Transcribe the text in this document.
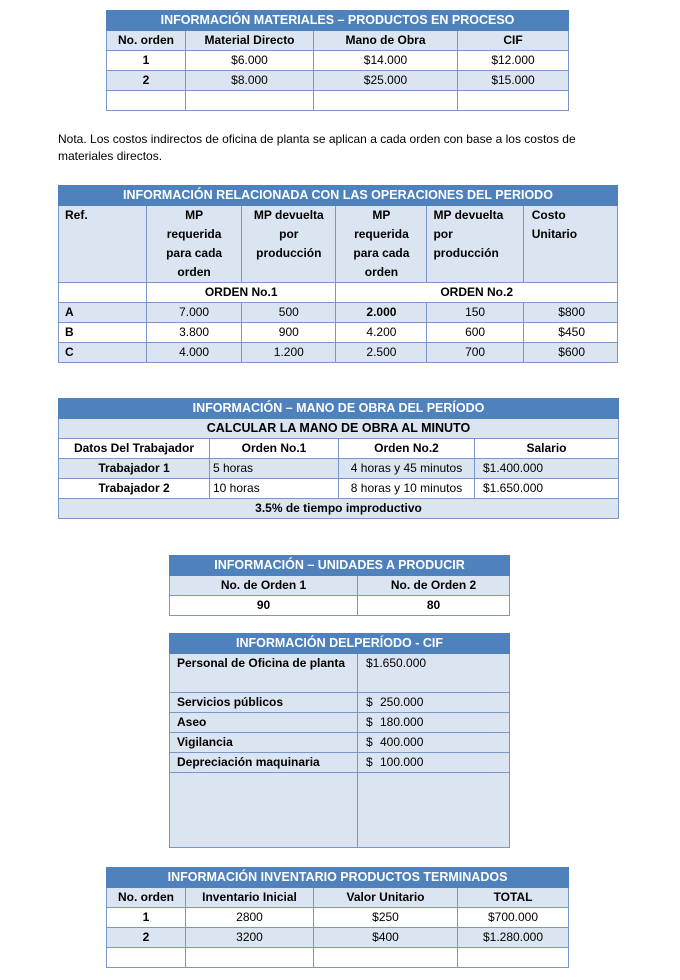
INFORMACIÓN MATERIALES – PRODUCTOS EN PROCESO			
No. orden	Material Directo	Mano de Obra	CIF
1	$6.000	$14.000	$12.000
2	$8.000	$25.000	$15.000

Nota. Los costos indirectos de oficina de planta se aplican a cada orden con base a los costos de materiales directos.

INFORMACIÓN RELACIONADA CON LAS OPERACIONES DEL PERIODO					
Ref.	MP requerida para cada orden	MP devuelta por producción	MP requerida para cada orden	MP devuelta por producción	Costo Unitario
	ORDEN No.1		ORDEN No.2		
A	7.000	500	2.000	150	$800
B	3.800	900	4.200	600	$450
C	4.000	1.200	2.500	700	$600
INFORMACIÓN – MANO DE OBRA DEL PERÍODO			
CALCULAR LA MANO DE OBRA AL MINUTO			
Datos Del Trabajador	Orden No.1	Orden No.2	Salario
Trabajador 1	5 horas	4 horas y 45 minutos	$1.400.000
Trabajador 2	10 horas	8 horas y 10 minutos	$1.650.000
3.5% de tiempo improductivo			
INFORMACIÓN – UNIDADES A PRODUCIR	
No. de Orden 1	No. de Orden 2
90	80
INFORMACIÓN DELPERÍODO - CIF	
Personal de Oficina de planta	$1.650.000
Servicios públicos	$ 250.000
Aseo	$ 180.000
Vigilancia	$ 400.000
Depreciación maquinaria	$ 100.000

INFORMACIÓN INVENTARIO PRODUCTOS TERMINADOS			
No. orden	Inventario Inicial	Valor Unitario	TOTAL
1	2800	$250	$700.000
2	3200	$400	$1.280.000
